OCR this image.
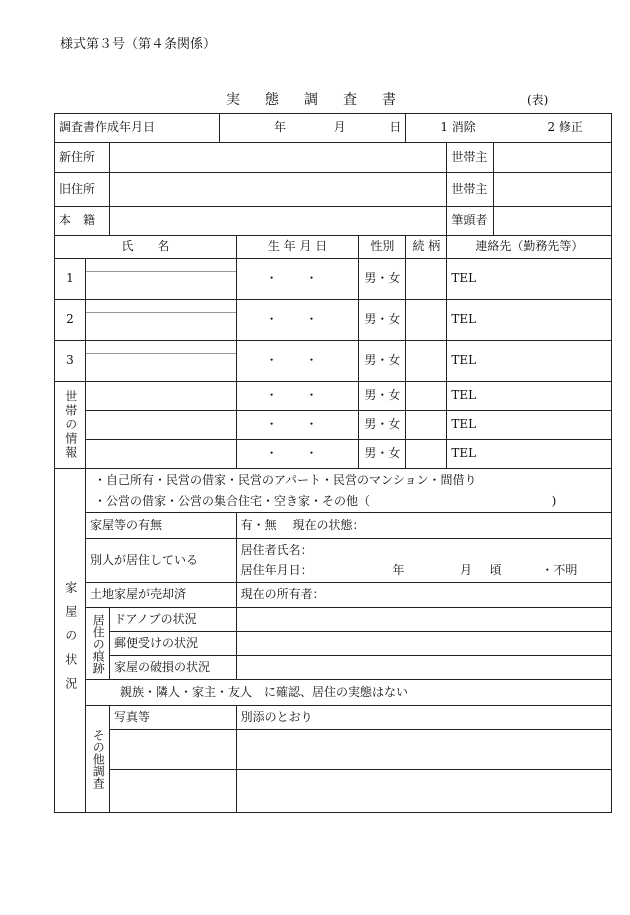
様式第３号（第４条関係）
実態調査書	(表)
調査書作成年月日			年 月 日			1 消除 2 修正		
新住所							世帯主	
旧住所							世帯主	
本　籍							筆頭者	
氏　　名				生 年 月 日	性別	続 柄	連絡先（勤務先等）	
1				・ ・	男・女		TEL	
2				・ ・	男・女		TEL	
3				・ ・	男・女		TEL	

世帯の情報				・ ・	男・女		TEL	
				・ ・	男・女		TEL	
				・ ・	男・女		TEL	

家屋の状況	・自己所有・民営の借家・民営のアパート・民営のマンション・間借り
・公営の借家・公営の集合住宅・空き家・その他（ )							

	家屋等の有無			有・無　 現在の状態：				
	別人が居住している			居住者氏名：
居住年月日： 年 月 頃 ・不明				

	土地家屋が売却済			現在の所有者：				

	居住の痕跡	ドアノブの状況						
		郵便受けの状況						
		家屋の破損の状況						
	親族・隣人・家主・友人　に確認、居住の実態はない							

	その他調査	写真等		別添のとおり				
